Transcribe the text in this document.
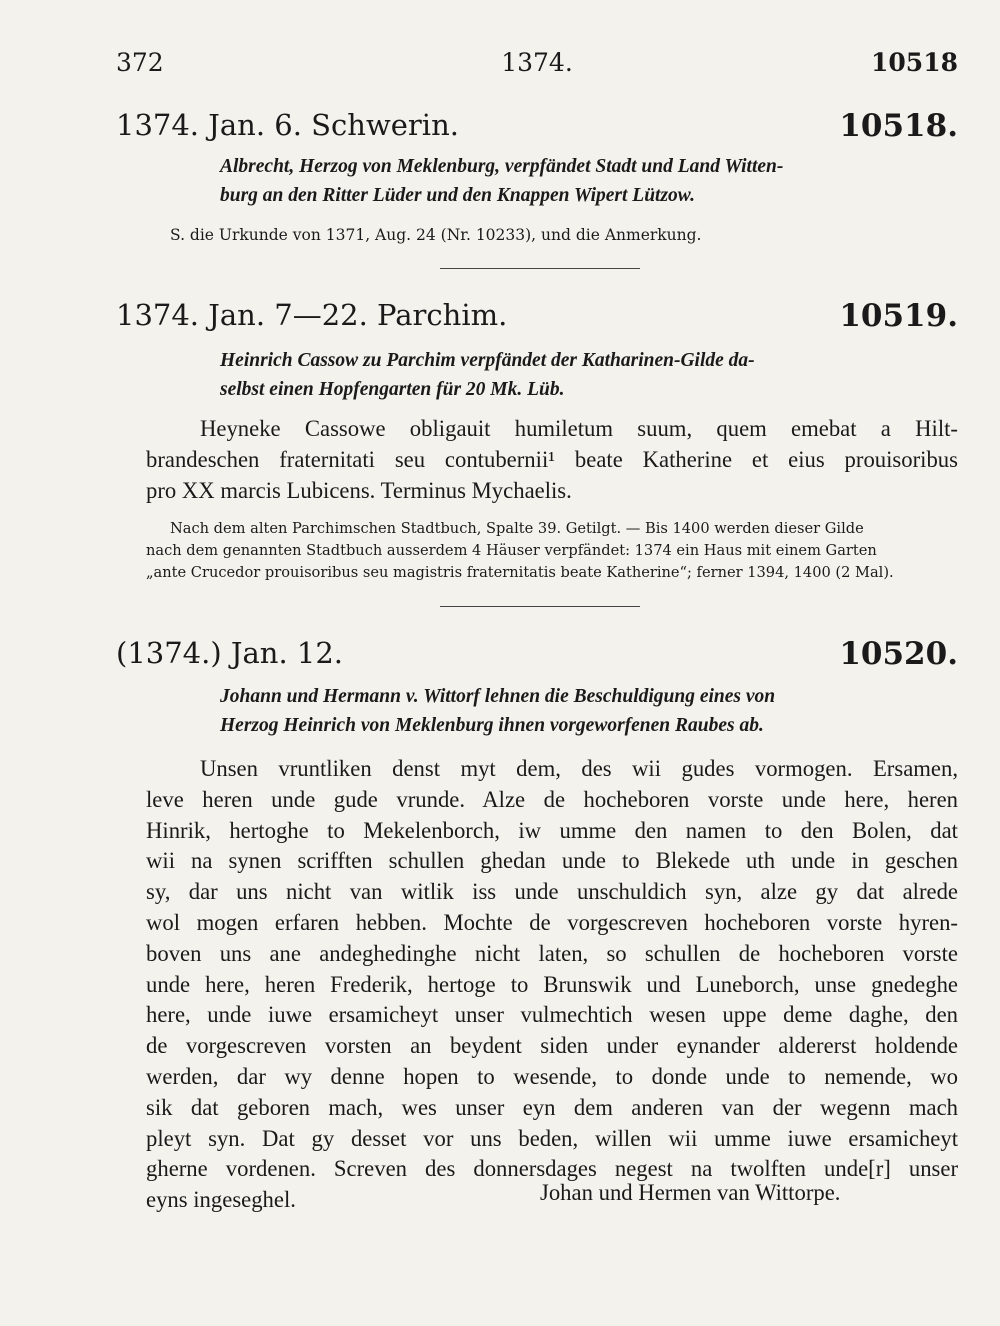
372	1374.	10518
1374. Jan. 6. Schwerin.	10518.
Albrecht, Herzog von Meklenburg, verpfändet Stadt und Land Witten-
burg an den Ritter Lüder und den Knappen Wipert Lützow.
S. die Urkunde von 1371, Aug. 24 (Nr. 10233), und die Anmerkung.
1374. Jan. 7—22. Parchim.	10519.
Heinrich Cassow zu Parchim verpfändet der Katharinen-Gilde da-
selbst einen Hopfengarten für 20 Mk. Lüb.
Heyneke Cassowe obligauit humiletum suum, quem emebat a Hilt-
brandeschen fraternitati seu contubernii¹ beate Katherine et eius prouisoribus
pro XX marcis Lubicens. Terminus Mychaelis.
Nach dem alten Parchimschen Stadtbuch, Spalte 39. Getilgt. — Bis 1400 werden dieser Gilde
nach dem genannten Stadtbuch ausserdem 4 Häuser verpfändet: 1374 ein Haus mit einem Garten
„ante Crucedor prouisoribus seu magistris fraternitatis beate Katherine“; ferner 1394, 1400 (2 Mal).
(1374.) Jan. 12.	10520.
Johann und Hermann v. Wittorf lehnen die Beschuldigung eines von
Herzog Heinrich von Meklenburg ihnen vorgeworfenen Raubes ab.
Unsen vruntliken denst myt dem, des wii gudes vormogen. Ersamen,
leve heren unde gude vrunde. Alze de hocheboren vorste unde here, heren
Hinrik, hertoghe to Mekelenborch, iw umme den namen to den Bolen, dat
wii na synen scrifften schullen ghedan unde to Blekede uth unde in geschen
sy, dar uns nicht van witlik iss unde unschuldich syn, alze gy dat alrede
wol mogen erfaren hebben. Mochte de vorgescreven hocheboren vorste hyren-
boven uns ane andeghedinghe nicht laten, so schullen de hocheboren vorste
unde here, heren Frederik, hertoge to Brunswik und Luneborch, unse gnedeghe
here, unde iuwe ersamicheyt unser vulmechtich wesen uppe deme daghe, den
de vorgescreven vorsten an beydent siden under eynander aldererst holdende
werden, dar wy denne hopen to wesende, to donde unde to nemende, wo
sik dat geboren mach, wes unser eyn dem anderen van der wegenn mach
pleyt syn. Dat gy desset vor uns beden, willen wii umme iuwe ersamicheyt
gherne vordenen. Screven des donnersdages negest na twolften unde[r] unser
eyns ingeseghel.	Johan und Hermen van Wittorpe.
